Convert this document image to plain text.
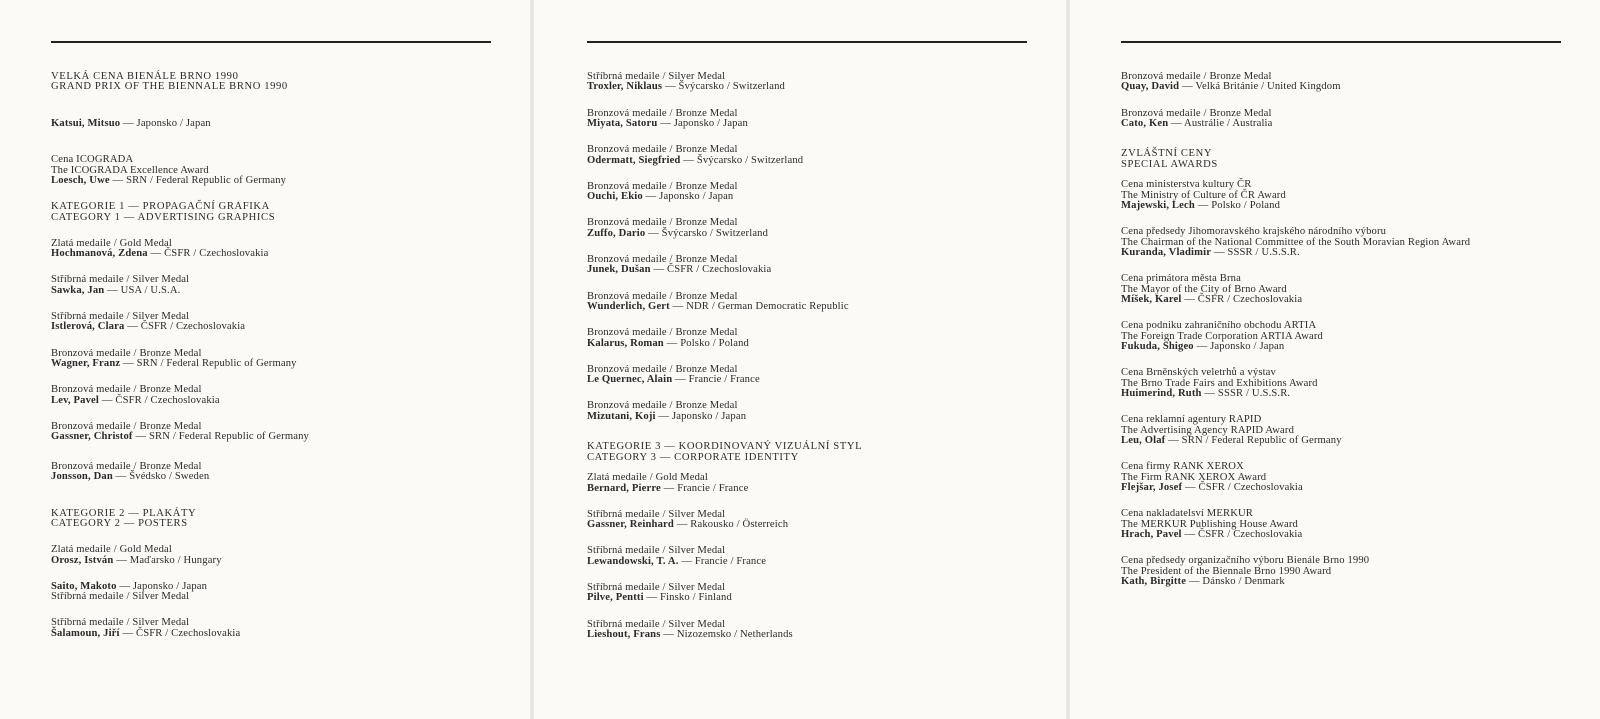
VELKÁ CENA BIENÁLE BRNO 1990
GRAND PRIX OF THE BIENNALE BRNO 1990
Katsui, Mitsuo — Japonsko / Japan
Cena ICOGRADA
The ICOGRADA Excellence Award
Loesch, Uwe — SRN / Federal Republic of Germany
KATEGORIE 1 — PROPAGAČNÍ GRAFIKA
CATEGORY 1 — ADVERTISING GRAPHICS
Zlatá medaile / Gold Medal
Hochmanová, Zdena — ČSFR / Czechoslovakia
Stříbrná medaile / Silver Medal
Sawka, Jan — USA / U.S.A.
Stříbrná medaile / Silver Medal
Istlerová, Clara — ČSFR / Czechoslovakia
Bronzová medaile / Bronze Medal
Wagner, Franz — SRN / Federal Republic of Germany
Bronzová medaile / Bronze Medal
Lev, Pavel — ČSFR / Czechoslovakia
Bronzová medaile / Bronze Medal
Gassner, Christof — SRN / Federal Republic of Germany
Bronzová medaile / Bronze Medal
Jonsson, Dan — Švédsko / Sweden
KATEGORIE 2 — PLAKÁTY
CATEGORY 2 — POSTERS
Zlatá medaile / Gold Medal
Orosz, István — Maďarsko / Hungary
Saito, Makoto — Japonsko / Japan
Stříbrná medaile / Silver Medal
Stříbrná medaile / Silver Medal
Šalamoun, Jiří — ČSFR / Czechoslovakia
Stříbrná medaile / Silver Medal
Troxler, Niklaus — Švýcarsko / Switzerland
Bronzová medaile / Bronze Medal
Miyata, Satoru — Japonsko / Japan
Bronzová medaile / Bronze Medal
Odermatt, Siegfried — Švýcarsko / Switzerland
Bronzová medaile / Bronze Medal
Ouchi, Ekio — Japonsko / Japan
Bronzová medaile / Bronze Medal
Zuffo, Dario — Švýcarsko / Switzerland
Bronzová medaile / Bronze Medal
Junek, Dušan — ČSFR / Czechoslovakia
Bronzová medaile / Bronze Medal
Wunderlich, Gert — NDR / German Democratic Republic
Bronzová medaile / Bronze Medal
Kalarus, Roman — Polsko / Poland
Bronzová medaile / Bronze Medal
Le Quernec, Alain — Francie / France
Bronzová medaile / Bronze Medal
Mizutani, Koji — Japonsko / Japan
KATEGORIE 3 — KOORDINOVANÝ VIZUÁLNÍ STYL
CATEGORY 3 — CORPORATE IDENTITY
Zlatá medaile / Gold Medal
Bernard, Pierre — Francie / France
Stříbrná medaile / Silver Medal
Gassner, Reinhard — Rakousko / Österreich
Stříbrná medaile / Silver Medal
Lewandowski, T. A. — Francie / France
Stříbrná medaile / Silver Medal
Pilve, Pentti — Finsko / Finland
Stříbrná medaile / Silver Medal
Lieshout, Frans — Nizozemsko / Netherlands
Bronzová medaile / Bronze Medal
Quay, David — Velká Británie / United Kingdom
Bronzová medaile / Bronze Medal
Cato, Ken — Austrálie / Australia
ZVLÁŠTNÍ CENY
SPECIAL AWARDS
Cena ministerstva kultury ČR
The Ministry of Culture of ČR Award
Majewski, Lech — Polsko / Poland
Cena předsedy Jihomoravského krajského národního výboru
The Chairman of the National Committee of the South Moravian Region Award
Kuranda, Vladimir — SSSR / U.S.S.R.
Cena primátora města Brna
The Mayor of the City of Brno Award
Míšek, Karel — ČSFR / Czechoslovakia
Cena podniku zahraničního obchodu ARTIA
The Foreign Trade Corporation ARTIA Award
Fukuda, Shigeo — Japonsko / Japan
Cena Brněnských veletrhů a výstav
The Brno Trade Fairs and Exhibitions Award
Huimerind, Ruth — SSSR / U.S.S.R.
Cena reklamní agentury RAPID
The Advertising Agency RAPID Award
Leu, Olaf — SRN / Federal Republic of Germany
Cena firmy RANK XEROX
The Firm RANK XEROX Award
Flejšar, Josef — ČSFR / Czechoslovakia
Cena nakladatelsví MERKUR
The MERKUR Publishing House Award
Hrach, Pavel — ČSFR / Czechoslovakia
Cena předsedy organizačního výboru Bienále Brno 1990
The President of the Biennale Brno 1990 Award
Kath, Birgitte — Dánsko / Denmark
